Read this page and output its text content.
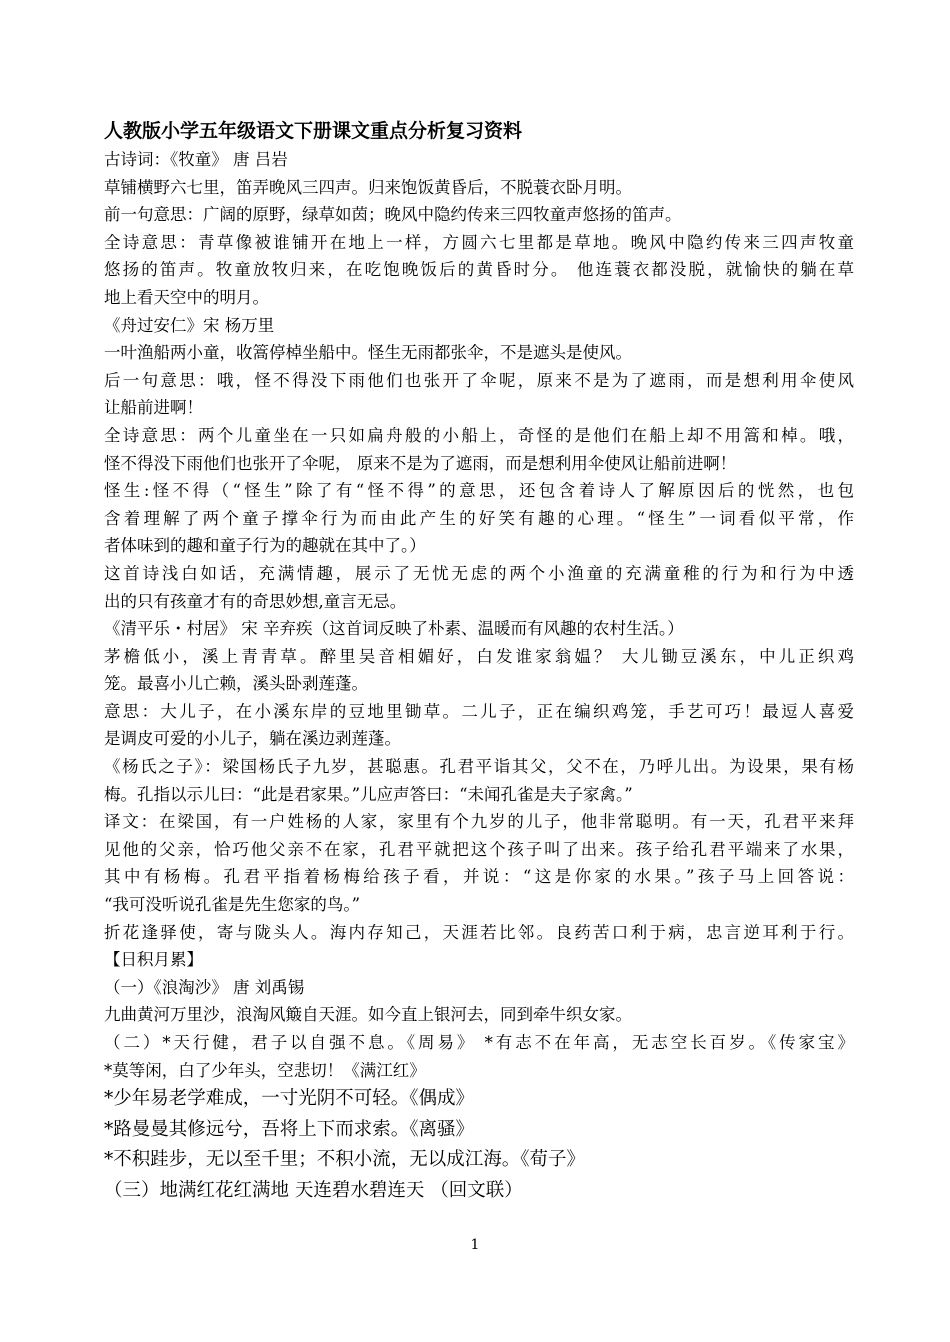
人教版小学五年级语文下册课文重点分析复习资料
古诗词：《牧童》 唐 吕岩
草铺横野六七里，笛弄晚风三四声。归来饱饭黄昏后，不脱蓑衣卧月明。
前一句意思：广阔的原野，绿草如茵；晚风中隐约传来三四牧童声悠扬的笛声。
全诗意思：青草像被谁铺开在地上一样，方圆六七里都是草地。晚风中隐约传来三四声牧童
悠扬的笛声。牧童放牧归来，在吃饱晚饭后的黄昏时分。 他连蓑衣都没脱，就愉快的躺在草
地上看天空中的明月。
《舟过安仁》宋 杨万里
一叶渔船两小童，收篙停棹坐船中。怪生无雨都张伞，不是遮头是使风。
后一句意思：哦，怪不得没下雨他们也张开了伞呢，原来不是为了遮雨，而是想利用伞使风
让船前进啊！
全诗意思：两个儿童坐在一只如扁舟般的小船上，奇怪的是他们在船上却不用篙和棹。哦，
怪不得没下雨他们也张开了伞呢， 原来不是为了遮雨，而是想利用伞使风让船前进啊！
怪生:怪不得（“怪生”除了有“怪不得”的意思，还包含着诗人了解原因后的恍然，也包
含着理解了两个童子撑伞行为而由此产生的好笑有趣的心理。“怪生”一词看似平常，作
者体味到的趣和童子行为的趣就在其中了。）
这首诗浅白如话，充满情趣，展示了无忧无虑的两个小渔童的充满童稚的行为和行为中透
出的只有孩童才有的奇思妙想,童言无忌。
《清平乐・村居》 宋 辛弃疾（这首词反映了朴素、温暖而有风趣的农村生活。）
茅檐低小，溪上青青草。醉里吴音相媚好，白发谁家翁媪？ 大儿锄豆溪东，中儿正织鸡
笼。最喜小儿亡赖，溪头卧剥莲蓬。
意思：大儿子，在小溪东岸的豆地里锄草。二儿子，正在编织鸡笼，手艺可巧！最逗人喜爱
是调皮可爱的小儿子，躺在溪边剥莲蓬。
《杨氏之子》：梁国杨氏子九岁，甚聪惠。孔君平诣其父，父不在，乃呼儿出。为设果，果有杨
梅。孔指以示儿曰：“此是君家果。”儿应声答曰：“未闻孔雀是夫子家禽。”
译文：在梁国，有一户姓杨的人家，家里有个九岁的儿子，他非常聪明。有一天，孔君平来拜
见他的父亲，恰巧他父亲不在家，孔君平就把这个孩子叫了出来。孩子给孔君平端来了水果，
其中有杨梅。孔君平指着杨梅给孩子看，并说：“这是你家的水果。”孩子马上回答说：
“我可没听说孔雀是先生您家的鸟。”
折花逢驿使，寄与陇头人。海内存知己，天涯若比邻。良药苦口利于病，忠言逆耳利于行。
【日积月累】
（一）《浪淘沙》 唐 刘禹锡
九曲黄河万里沙，浪淘风簸自天涯。如今直上银河去，同到牵牛织女家。
（二）*天行健，君子以自强不息。《周易》 *有志不在年高，无志空长百岁。《传家宝》
*莫等闲，白了少年头，空悲切！《满江红》
*少年易老学难成，一寸光阴不可轻。《偶成》
*路曼曼其修远兮，吾将上下而求索。《离骚》
*不积跬步，无以至千里；不积小流，无以成江海。《荀子》
（三）地满红花红满地 天连碧水碧连天 （回文联）
1
